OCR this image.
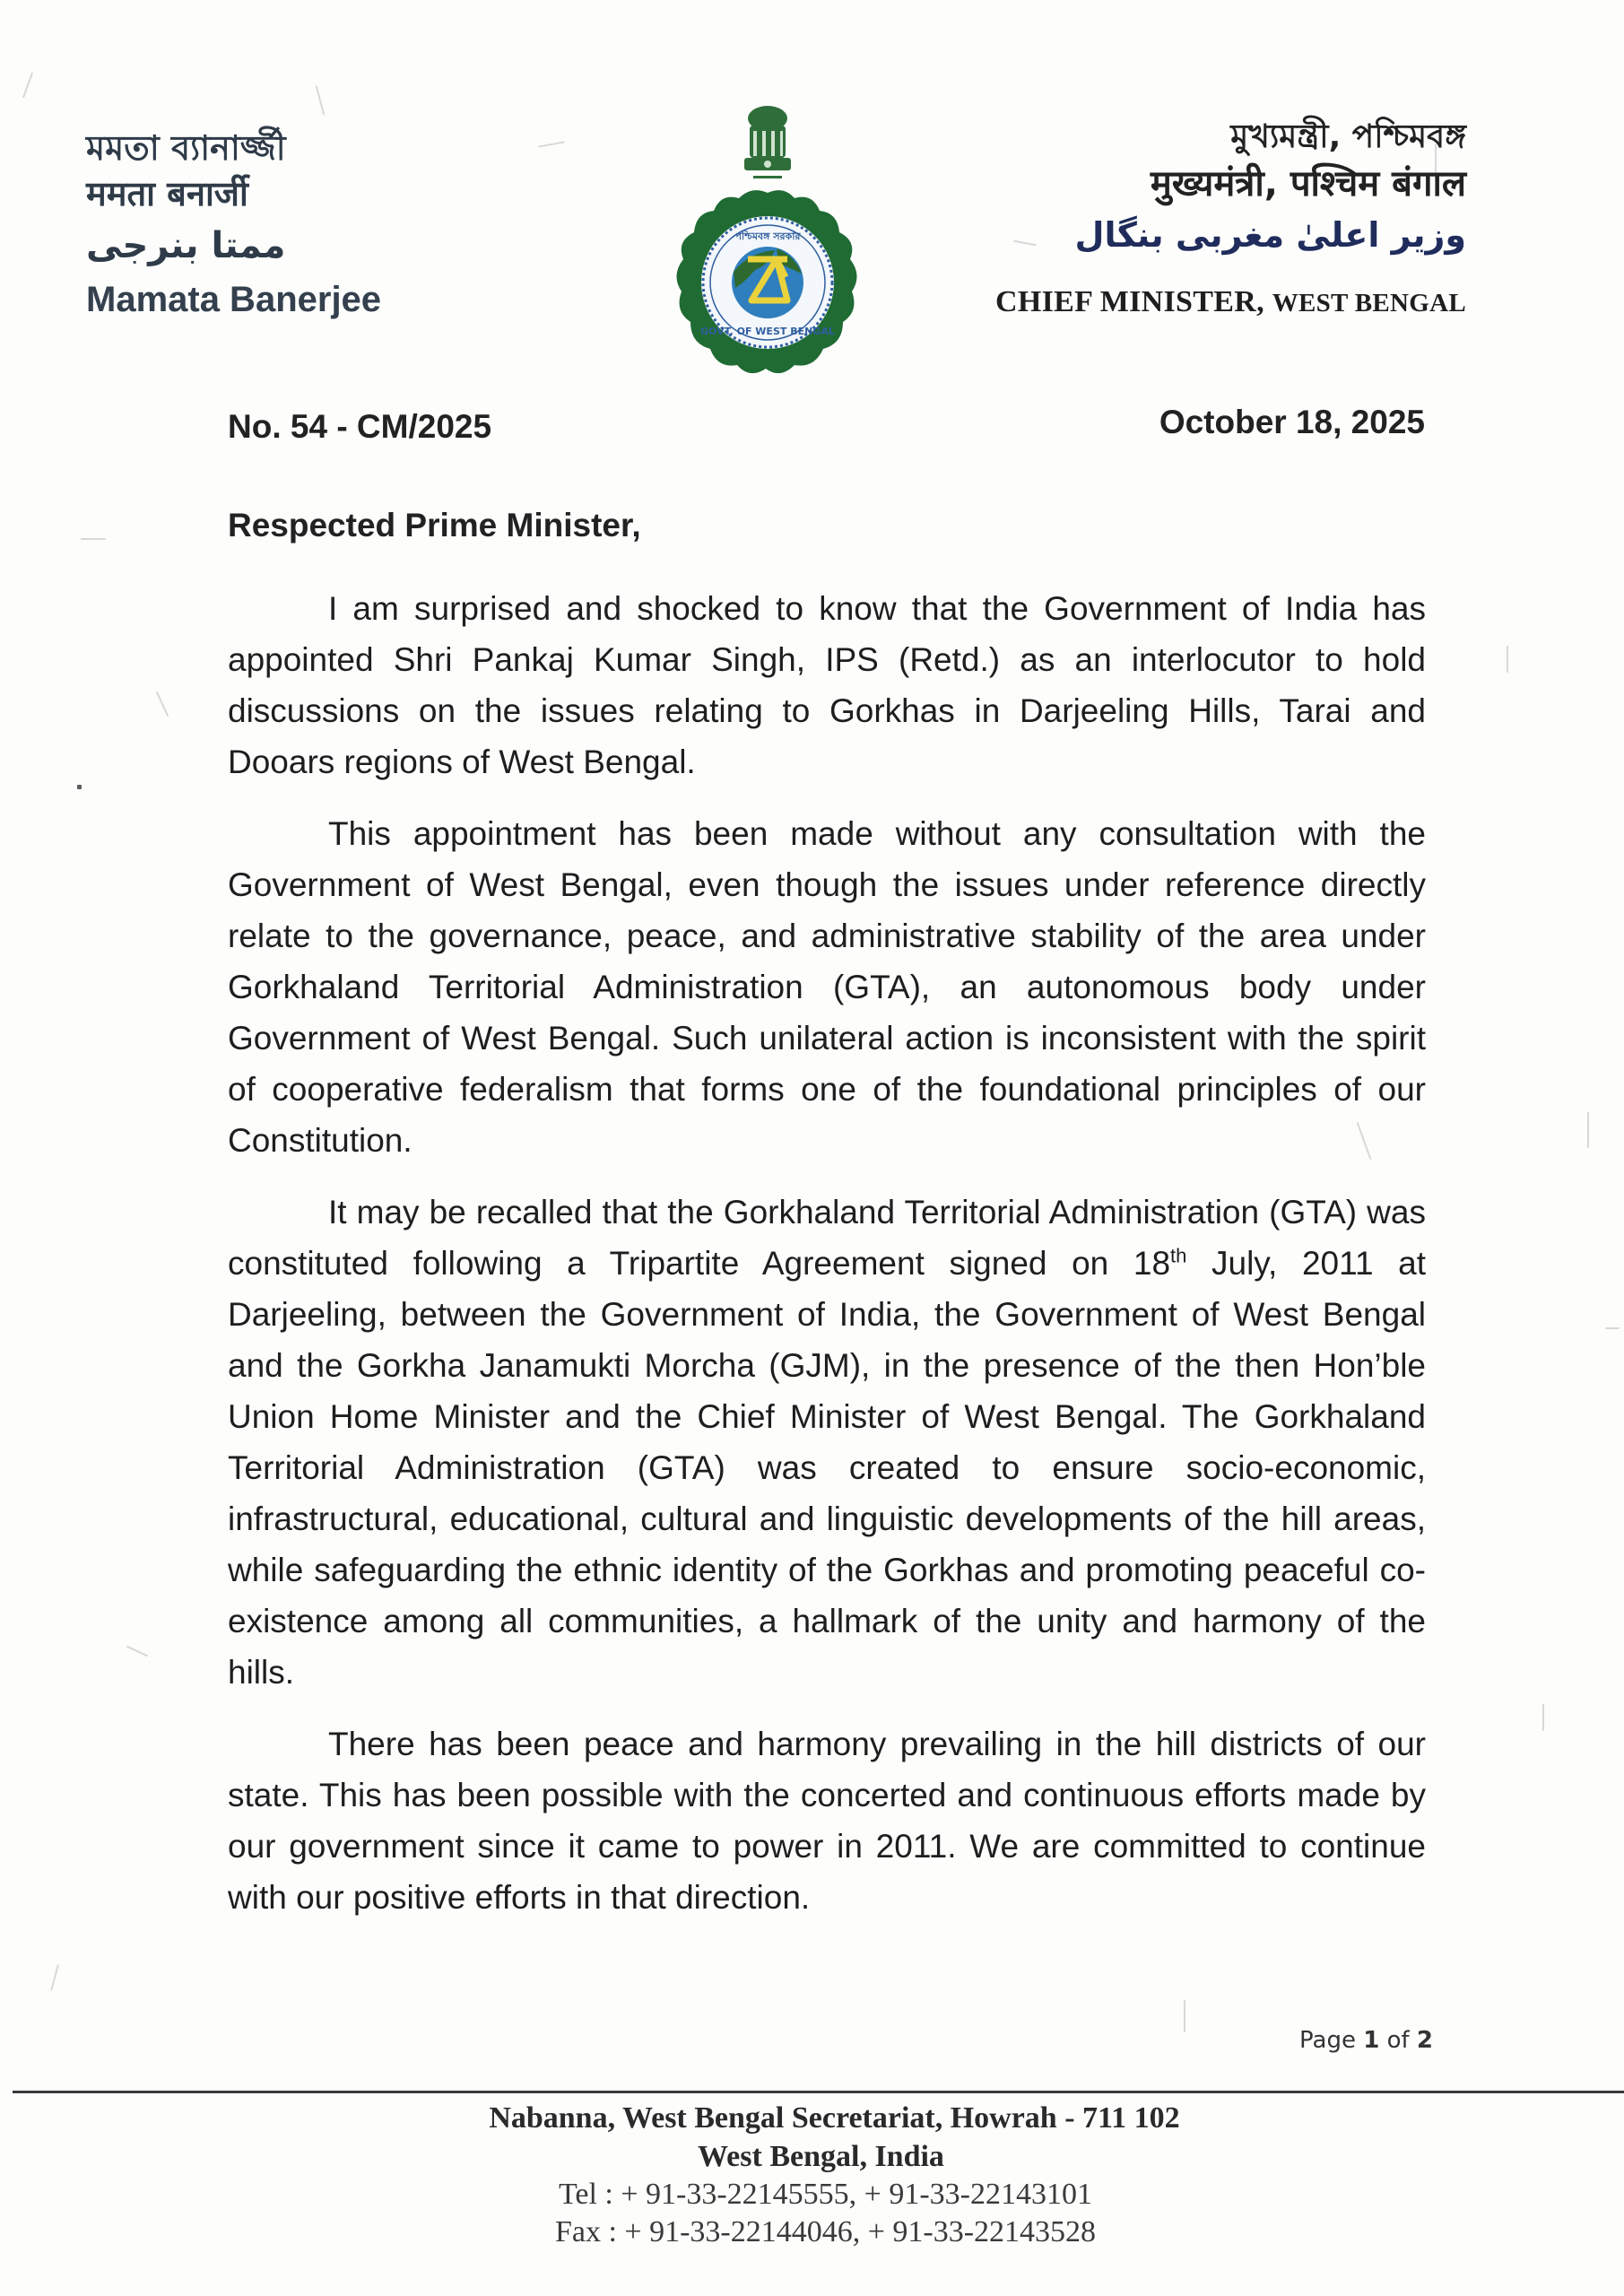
মমতা ব্যানার্জ্জী
ममता बनार्जी
ممتا بنرجی
Mamata Banerjee
পশ্চিমবঙ্গ সরকার
GOVT. OF WEST BENGAL
মুখ্যমন্ত্রী, পশ্চিমবঙ্গ
मुख्यमंत्री, पश्चिम बंगाल
وزیر اعلیٰ مغربی بنگال
CHIEF MINISTER, WEST BENGAL
No. 54 - CM/2025	October 18, 2025
Respected Prime Minister,

I am surprised and shocked to know that the Government of India has appointed Shri Pankaj Kumar Singh, IPS (Retd.) as an interlocutor to hold discussions on the issues relating to Gorkhas in Darjeeling Hills, Tarai and Dooars regions of West Bengal.

This appointment has been made without any consultation with the Government of West Bengal, even though the issues under reference directly relate to the governance, peace, and administrative stability of the area under Gorkhaland Territorial Administration (GTA), an autonomous body under Government of West Bengal. Such unilateral action is inconsistent with the spirit of cooperative federalism that forms one of the foundational principles of our Constitution.

It may be recalled that the Gorkhaland Territorial Administration (GTA) was constituted following a Tripartite Agreement signed on 18th July, 2011 at Darjeeling, between the Government of India, the Government of West Bengal and the Gorkha Janamukti Morcha (GJM), in the presence of the then Hon’ble Union Home Minister and the Chief Minister of West Bengal. The Gorkhaland Territorial Administration (GTA) was created to ensure socio-economic, infrastructural, educational, cultural and linguistic developments of the hill areas, while safeguarding the ethnic identity of the Gorkhas and promoting peaceful co-existence among all communities, a hallmark of the unity and harmony of the hills.

There has been peace and harmony prevailing in the hill districts of our state. This has been possible with the concerted and continuous efforts made by our government since it came to power in 2011. We are committed to continue with our positive efforts in that direction.

Page 1 of 2
Nabanna, West Bengal Secretariat, Howrah - 711 102
West Bengal, India
Tel : + 91-33-22145555, + 91-33-22143101
Fax : + 91-33-22144046, + 91-33-22143528
